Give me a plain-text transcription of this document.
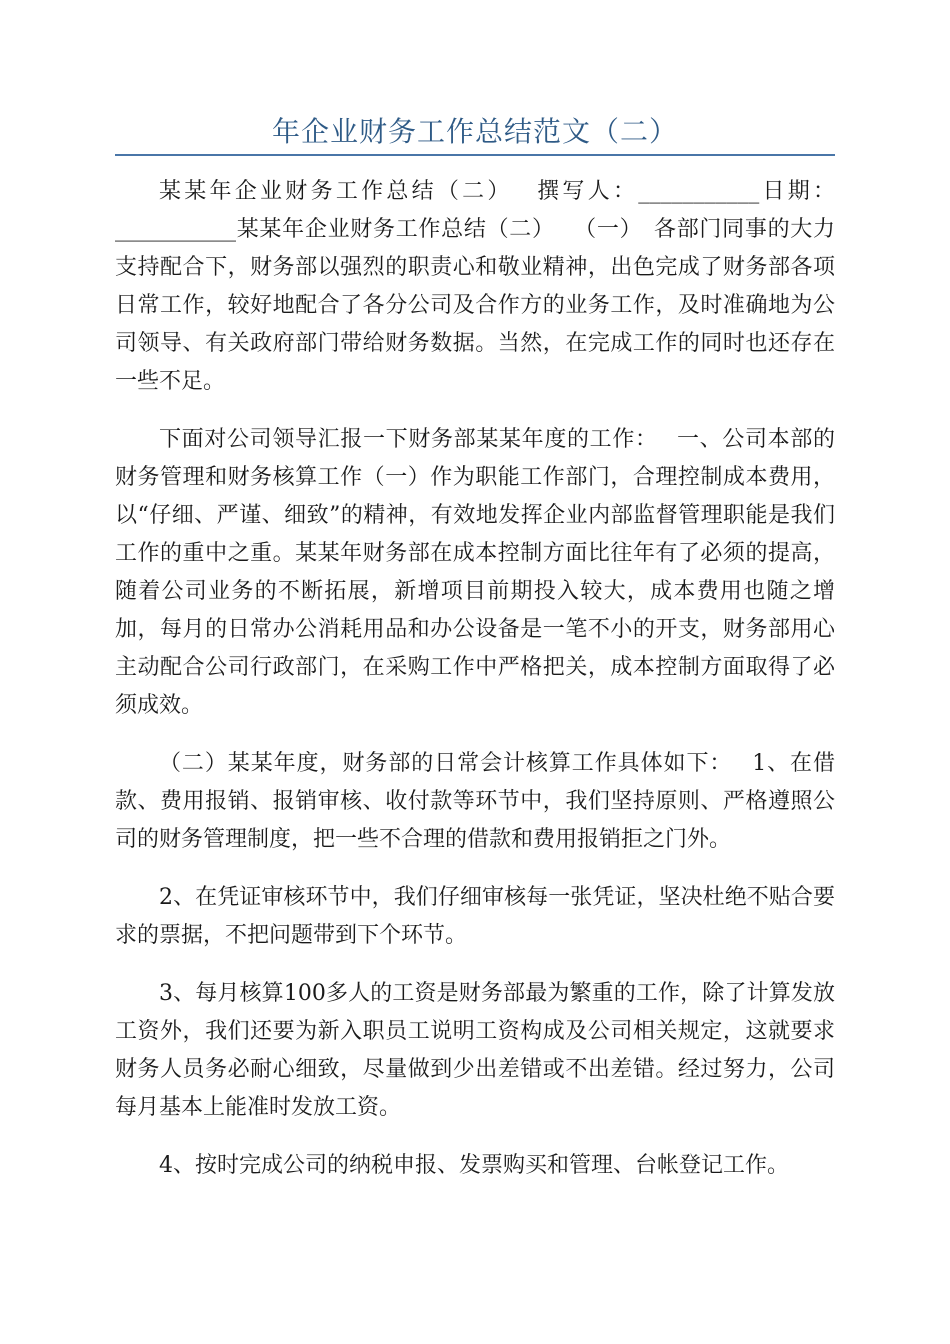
年企业财务工作总结范文（二）

某某年企业财务工作总结（二）　 撰写人：___________日期：___________某某年企业财务工作总结（二）　 （一）　各部门同事的大力支持配合下，财务部以强烈的职责心和敬业精神，出色完成了财务部各项日常工作，较好地配合了各分公司及合作方的业务工作，及时准确地为公司领导、有关政府部门带给财务数据。当然，在完成工作的同时也还存在一些不足。

下面对公司领导汇报一下财务部某某年度的工作：　 一、公司本部的财务管理和财务核算工作（一）作为职能工作部门，合理控制成本费用，以“仔细、严谨、细致”的精神，有效地发挥企业内部监督管理职能是我们工作的重中之重。某某年财务部在成本控制方面比往年有了必须的提高，随着公司业务的不断拓展，新增项目前期投入较大，成本费用也随之增加，每月的日常办公消耗用品和办公设备是一笔不小的开支，财务部用心主动配合公司行政部门，在采购工作中严格把关，成本控制方面取得了必须成效。

（二）某某年度，财务部的日常会计核算工作具体如下：　 1、在借款、费用报销、报销审核、收付款等环节中，我们坚持原则、严格遵照公司的财务管理制度，把一些不合理的借款和费用报销拒之门外。

2、在凭证审核环节中，我们仔细审核每一张凭证，坚决杜绝不贴合要求的票据，不把问题带到下个环节。

3、每月核算100多人的工资是财务部最为繁重的工作，除了计算发放工资外，我们还要为新入职员工说明工资构成及公司相关规定，这就要求财务人员务必耐心细致，尽量做到少出差错或不出差错。经过努力，公司每月基本上能准时发放工资。

4、按时完成公司的纳税申报、发票购买和管理、台帐登记工作。
